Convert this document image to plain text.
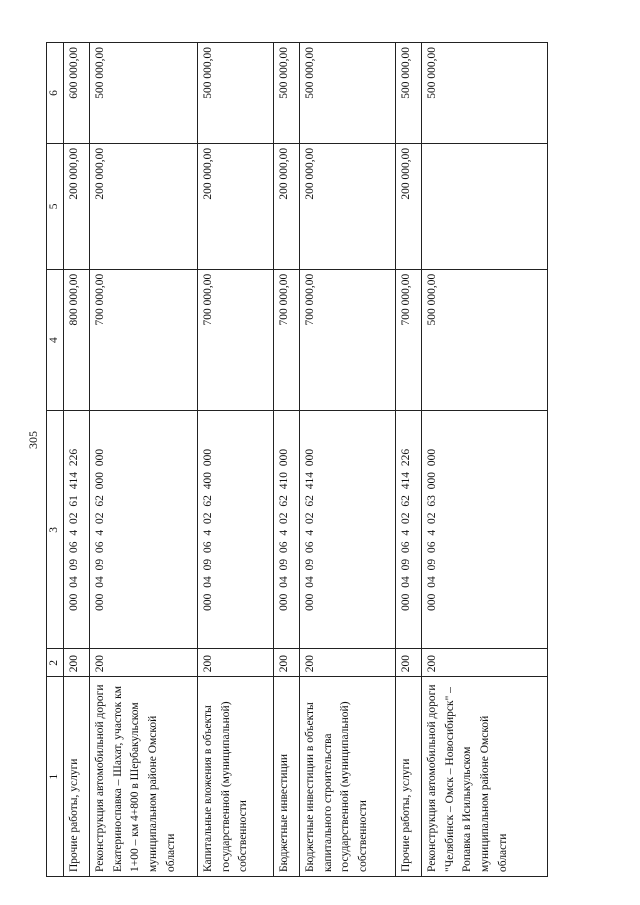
305
1	2	3	4	5	6
Прочие работы, услуги	200	000 04 09 06 4 02 61 414 226	800 000,00	200 000,00	600 000,00
Реконструкция автомобильной дороги Екатериноспавка – Шахат, участок км 1+00 – км 4+800 в Шербакульском муниципальном районе Омской области	200	000 04 09 06 4 02 62 000 000	700 000,00	200 000,00	500 000,00
Капитальные вложения в объекты государственной (муниципальной) собственности	200	000 04 09 06 4 02 62 400 000	700 000,00	200 000,00	500 000,00
Бюджетные инвестиции	200	000 04 09 06 4 02 62 410 000	700 000,00	200 000,00	500 000,00
Бюджетные инвестиции в объекты капитального строительства государственной (муниципальной) собственности	200	000 04 09 06 4 02 62 414 000	700 000,00	200 000,00	500 000,00
Прочие работы, услуги	200	000 04 09 06 4 02 62 414 226	700 000,00	200 000,00	500 000,00
Реконструкция автомобильной дороги "Челябинск – Омск – Новосибирск" – Ропавка в Исилькульском муниципальном районе Омской области	200	000 04 09 06 4 02 63 000 000	500 000,00		500 000,00
